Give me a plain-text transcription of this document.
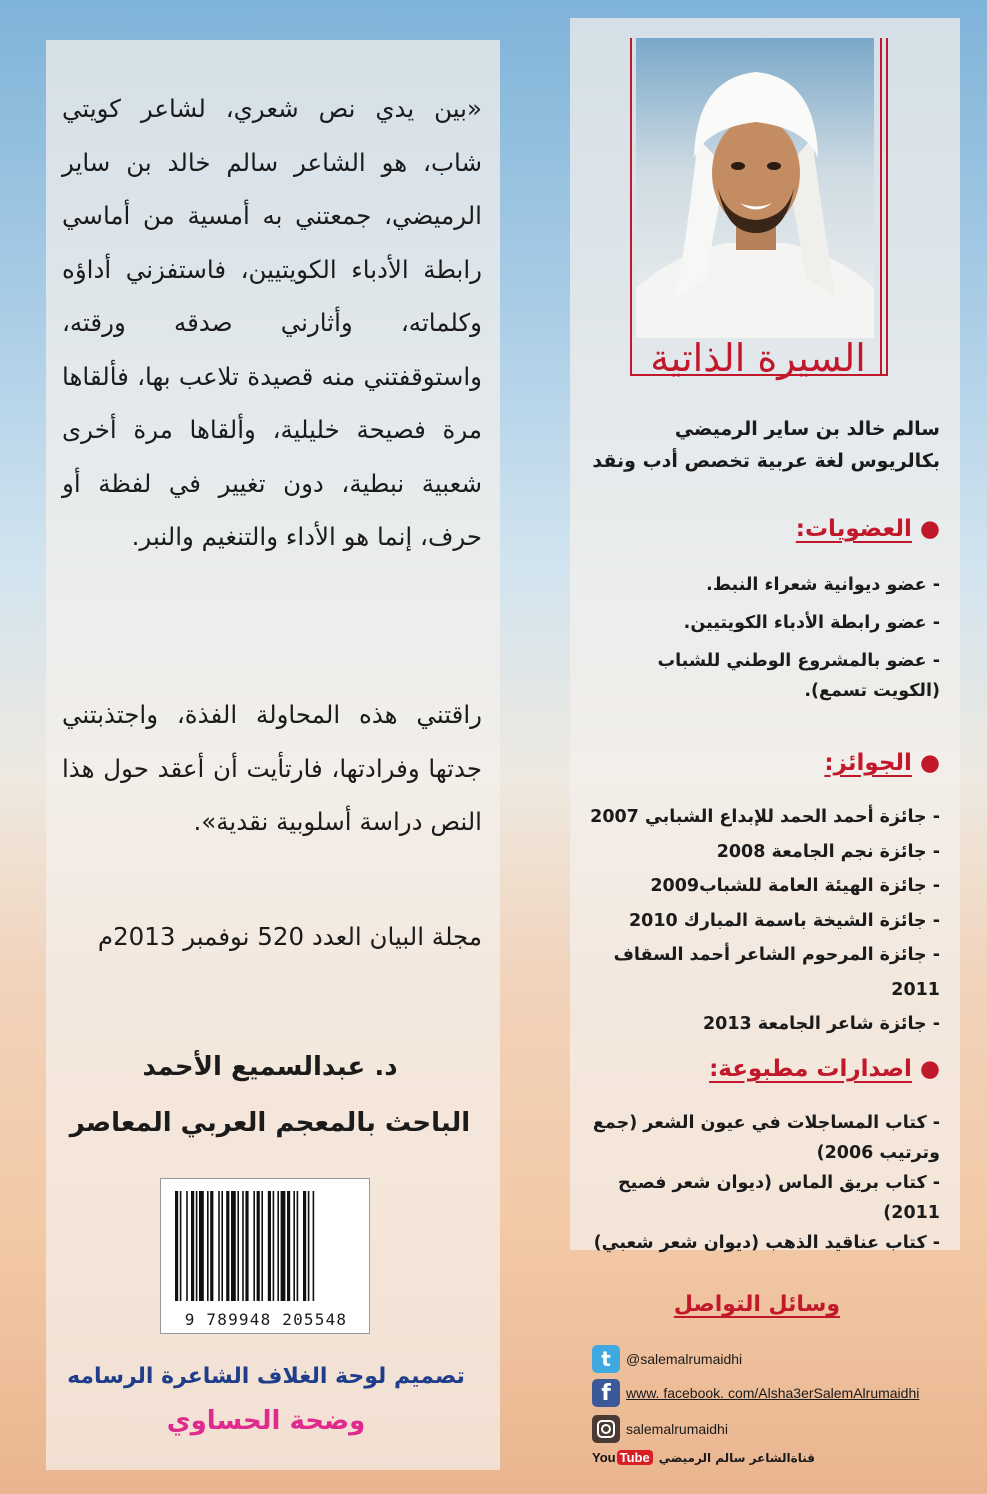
«بين يدي نص شعري، لشاعر كويتي شاب، هو الشاعر سالم خالد بن ساير الرميضي، جمعتني به أمسية من أماسي رابطة الأدباء الكويتيين، فاستفزني أداؤه وكلماته، وأثارني صدقه ورقته، واستوقفتني منه قصيدة تلاعب بها، فألقاها مرة فصيحة خليلية، وألقاها مرة أخرى شعبية نبطية، دون تغيير في لفظة أو حرف، إنما هو الأداء والتنغيم والنبر.

راقتني هذه المحاولة الفذة، واجتذبتني جدتها وفرادتها، فارتأيت أن أعقد حول هذا النص دراسة أسلوبية نقدية».

مجلة البيان العدد 520 نوفمبر 2013م

د. عبدالسميع الأحمد
الباحث بالمعجم العربي المعاصر
9 789948 205548
تصميم لوحة الغلاف الشاعرة الرسامه
وضحة الحساوي
السيرة الذاتية
سالم خالد بن ساير الرميضي
بكالريوس لغة عربية تخصص أدب ونقد
●العضويات:
- عضو ديوانية شعراء النبط.
- عضو رابطة الأدباء الكويتيين.
- عضو بالمشروع الوطني للشباب (الكويت تسمع).
●الجوائز:
- جائزة أحمد الحمد للإبداع الشبابي 2007
- جائزة نجم الجامعة 2008
- جائزة الهيئة العامة للشباب2009
- جائزة الشيخة باسمة المبارك 2010
- جائزة المرحوم الشاعر أحمد السقاف 2011
- جائزة شاعر الجامعة 2013
●اصدارات مطبوعة:
- كتاب المساجلات في عيون الشعر (جمع وترتيب 2006)
- كتاب بريق الماس (ديوان شعر فصيح 2011)
- كتاب عناقيد الذهب (ديوان شعر شعبي)
وسائل التواصل
t	@salemalrumaidhi
f	www. facebook. com/Alsha3erSalemAlrumaidhi
salemalrumaidhi
You Tube قناةالشاعر سالم الرميضي
